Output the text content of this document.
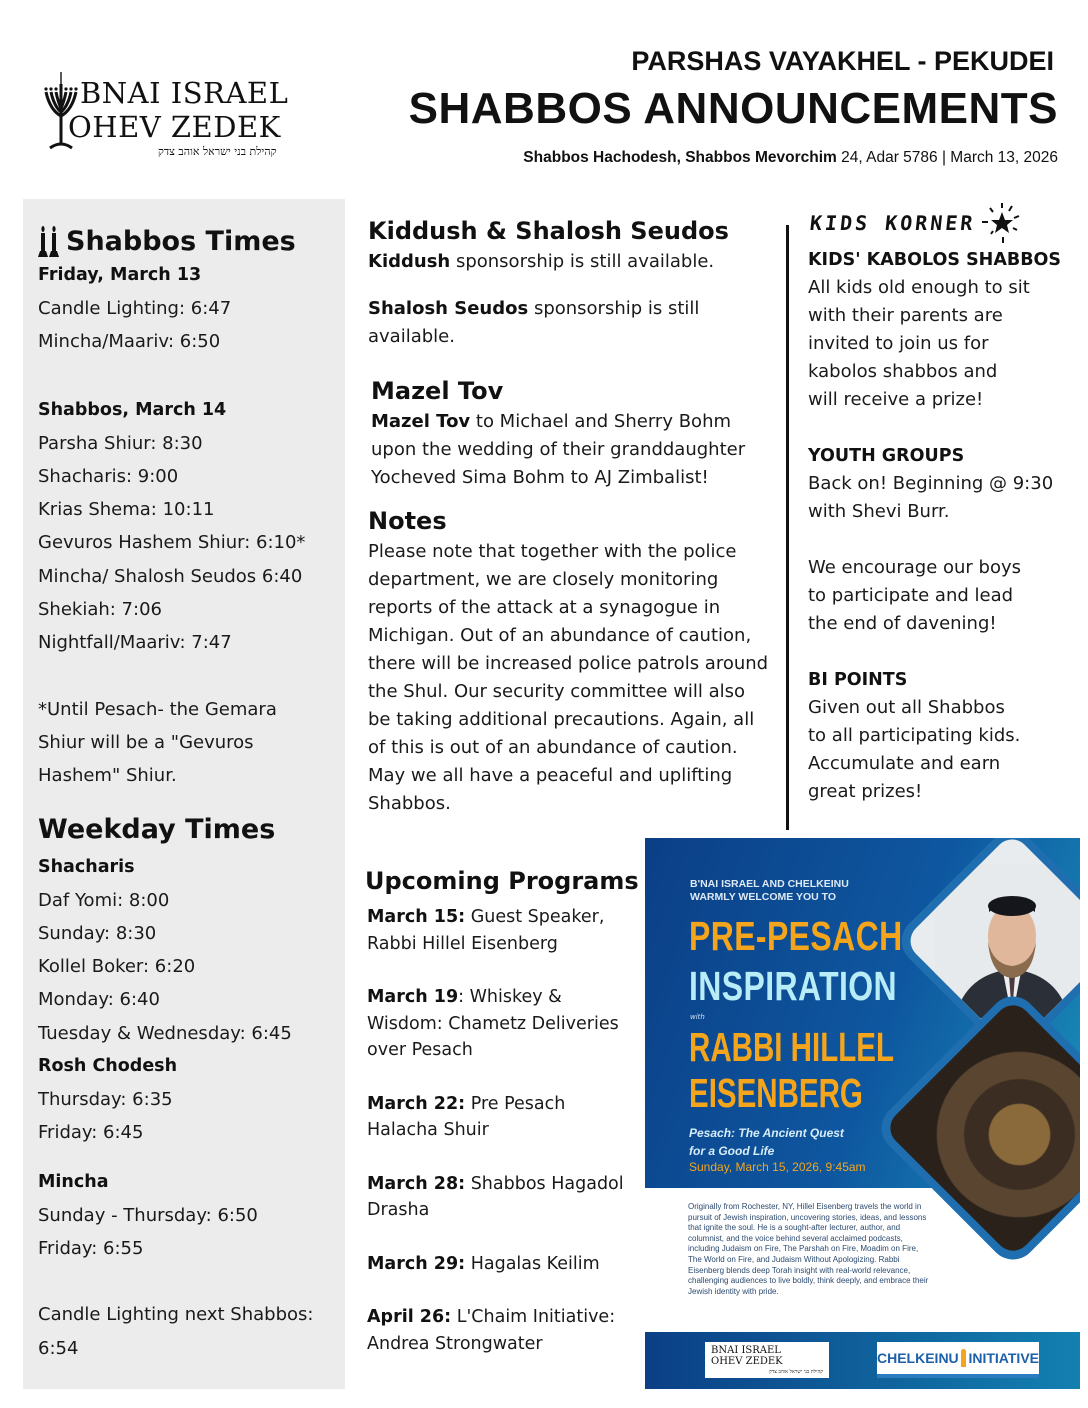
BNAI ISRAEL
OHEV ZEDEK
קהילת בני ישראל אוהב צדק
PARSHAS VAYAKHEL - PEKUDEI
SHABBOS ANNOUNCEMENTS
Shabbos Hachodesh, Shabbos Mevorchim 24, Adar 5786 | March 13, 2026
Shabbos Times
Friday, March 13
Candle Lighting: 6:47
Mincha/Maariv: 6:50
Shabbos, March 14
Parsha Shiur: 8:30
Shacharis: 9:00
Krias Shema: 10:11
Gevuros Hashem Shiur: 6:10*
Mincha/ Shalosh Seudos 6:40
Shekiah: 7:06
Nightfall/Maariv: 7:47
*Until Pesach- the Gemara
Shiur will be a "Gevuros
Hashem" Shiur.
Weekday Times
Shacharis
Daf Yomi: 8:00
Sunday: 8:30
Kollel Boker: 6:20
Monday: 6:40
Tuesday & Wednesday: 6:45
Rosh Chodesh
Thursday: 6:35
Friday: 6:45
Mincha
Sunday - Thursday: 6:50
Friday: 6:55
Candle Lighting next Shabbos:
6:54
Kiddush & Shalosh Seudos

Kiddush sponsorship is still available.

Shalosh Seudos sponsorship is still available.

Mazel Tov

Mazel Tov to Michael and Sherry Bohm upon the wedding of their granddaughter Yocheved Sima Bohm to AJ Zimbalist!

Notes

Please note that together with the police department, we are closely monitoring reports of the attack at a synagogue in Michigan. Out of an abundance of caution, there will be increased police patrols around the Shul. Our security committee will also be taking additional precautions. Again, all of this is out of an abundance of caution. May we all have a peaceful and uplifting Shabbos.

KIDS KORNER
KIDS' KABOLOS SHABBOS

All kids old enough to sit

with their parents are

invited to join us for

kabolos shabbos and

will receive a prize!

YOUTH GROUPS

Back on! Beginning @ 9:30

with Shevi Burr.

We encourage our boys

to participate and lead

the end of davening!

BI POINTS

Given out all Shabbos

to all participating kids.

Accumulate and earn

great prizes!

Upcoming Programs
March 15: Guest Speaker, Rabbi Hillel Eisenberg
March 19: Whiskey & Wisdom: Chametz Deliveries over Pesach
March 22: Pre Pesach Halacha Shuir
March 28: Shabbos Hagadol Drasha
March 29: Hagalas Keilim
April 26: L'Chaim Initiative: Andrea Strongwater
B'NAI ISRAEL AND CHELKEINU
WARMLY WELCOME YOU TO
PRE-PESACH
INSPIRATION
with
RABBI HILLEL
EISENBERG
Pesach: The Ancient Quest
for a Good Life
Sunday, March 15, 2026, 9:45am
Originally from Rochester, NY, Hillel Eisenberg travels the world in pursuit of Jewish inspiration, uncovering stories, ideas, and lessons that ignite the soul. He is a sought-after lecturer, author, and columnist, and the voice behind several acclaimed podcasts, including Judaism on Fire, The Parshah on Fire, Moadim on Fire, The World on Fire, and Judaism Without Apologizing. Rabbi Eisenberg blends deep Torah insight with real-world relevance, challenging audiences to live boldly, think deeply, and embrace their Jewish identity with pride.
BNAI ISRAEL
OHEV ZEDEK
קהילת בני ישראל אוהב צדק
CHELKEINU INITIATIVE
